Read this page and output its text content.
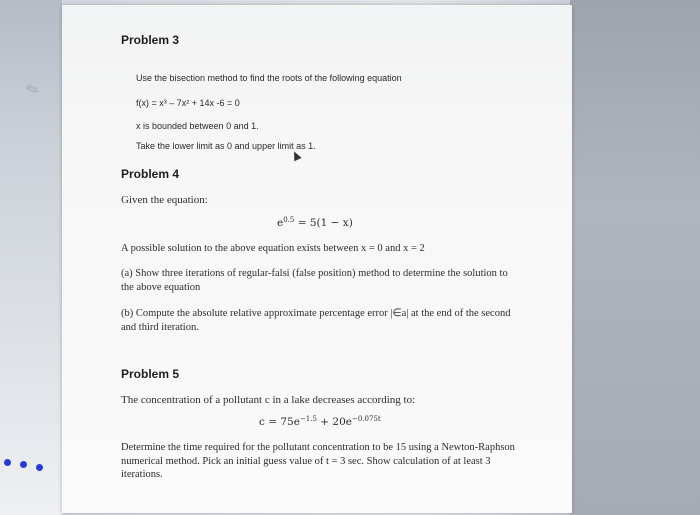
✎
Problem 3
Use the bisection method to find the roots of the following equation
f(x) = x³ – 7x² + 14x -6 = 0
x is bounded between 0 and 1.
Take the lower limit as 0 and upper limit as 1.
Problem 4
Given the equation:
$e^{0.5} = 5(1 - x)$
A possible solution to the above equation exists between x = 0 and x = 2
(a) Show three iterations of regular-falsi (false position) method to determine the solution to the above equation
(b) Compute the absolute relative approximate percentage error |∈a| at the end of the second and third iteration.
Problem 5
The concentration of a pollutant c in a lake decreases according to:
$c = 75e^{-1.5} + 20e^{-0.075t}$
Determine the time required for the pollutant concentration to be 15 using a Newton-Raphson numerical method. Pick an initial guess value of t = 3 sec. Show calculation of at least 3 iterations.
